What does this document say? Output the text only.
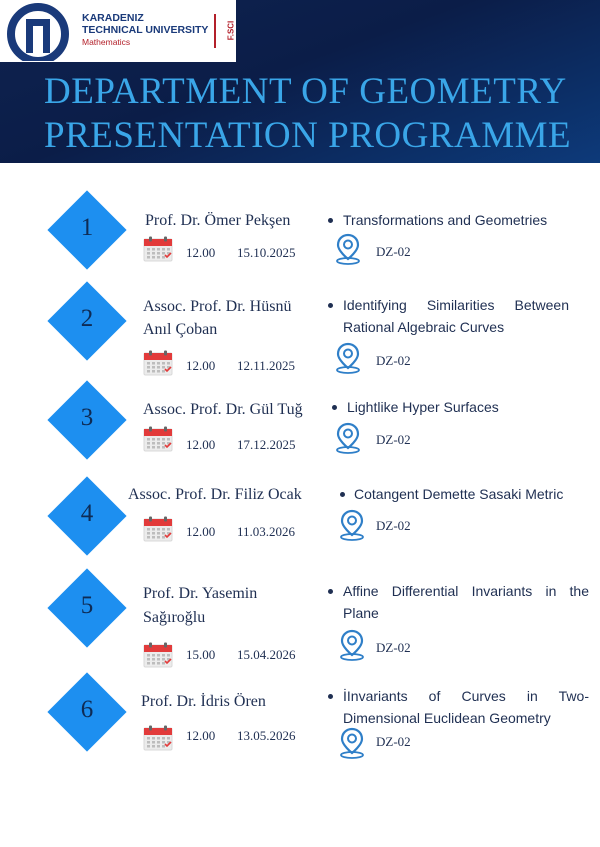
KARADENIZ
TECHNICAL UNIVERSITY
Mathematics
F.SCI
DEPARTMENT OF GEOMETRY
PRESENTATION PROGRAMME
1	Prof. Dr. Ömer Pekşen
12.00 15.10.2025
Transformations and Geometries
DZ-02
2	Assoc. Prof. Dr. Hüsnü
Anıl Çoban
12.00 12.11.2025
Identifying Similarities Between Rational Algebraic Curves
DZ-02
3	Assoc. Prof. Dr. Gül Tuğ
12.00 17.12.2025
Lightlike Hyper Surfaces
DZ-02
4
Assoc. Prof. Dr. Filiz Ocak
12.00 11.03.2026
Cotangent Demette Sasaki Metric
DZ-02
5	Prof. Dr. Yasemin
Sağıroğlu
15.00 15.04.2026
Affine Differential Invariants in the Plane
DZ-02
6	Prof. Dr. İdris Ören
12.00 13.05.2026
İInvariants of Curves in Two-Dimensional Euclidean Geometry
DZ-02
